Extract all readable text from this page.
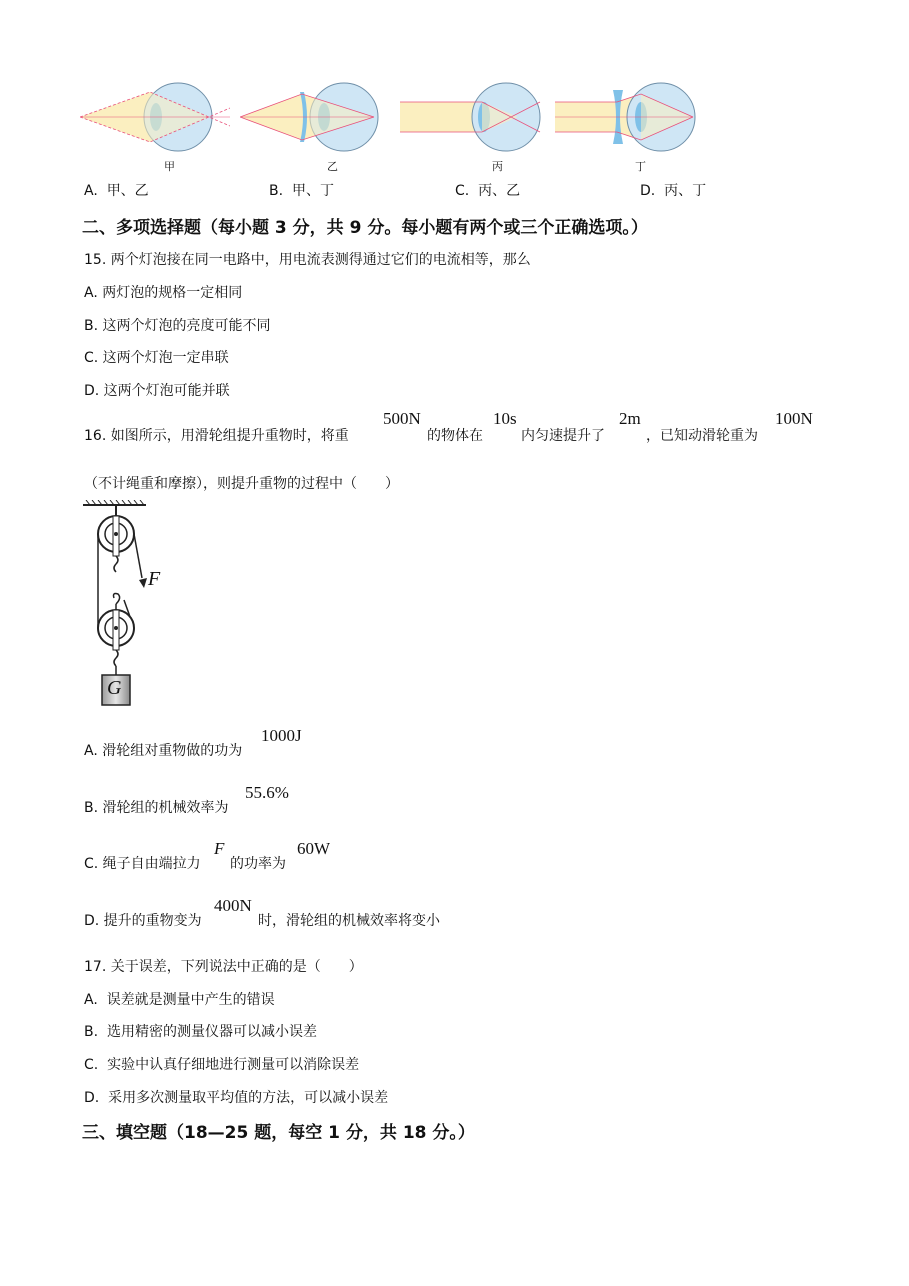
甲	乙	丙	丁
A. 甲、乙	B. 甲、丁	C. 丙、乙	D. 丙、丁
二、多项选择题（每小题 3 分，共 9 分。每小题有两个或三个正确选项。）
15. 两个灯泡接在同一电路中，用电流表测得通过它们的电流相等，那么
A. 两灯泡的规格一定相同
B. 这两个灯泡的亮度可能不同
C. 这两个灯泡一定串联
D. 这两个灯泡可能并联
16. 如图所示，用滑轮组提升重物时，将重
500N
的物体在
10s
内匀速提升了
2m
，已知动滑轮重为
100N
（不计绳重和摩擦），则提升重物的过程中（　　）
F
G
A. 滑轮组对重物做的功为
1000J
B. 滑轮组的机械效率为
55.6%
C. 绳子自由端拉力
F
的功率为
60W
D. 提升的重物变为
400N
时，滑轮组的机械效率将变小
17. 关于误差，下列说法中正确的是（　　）
A. 误差就是测量中产生的错误
B. 选用精密的测量仪器可以减小误差
C. 实验中认真仔细地进行测量可以消除误差
D. 采用多次测量取平均值的方法，可以减小误差
三、填空题（18—25 题，每空 1 分，共 18 分。）
